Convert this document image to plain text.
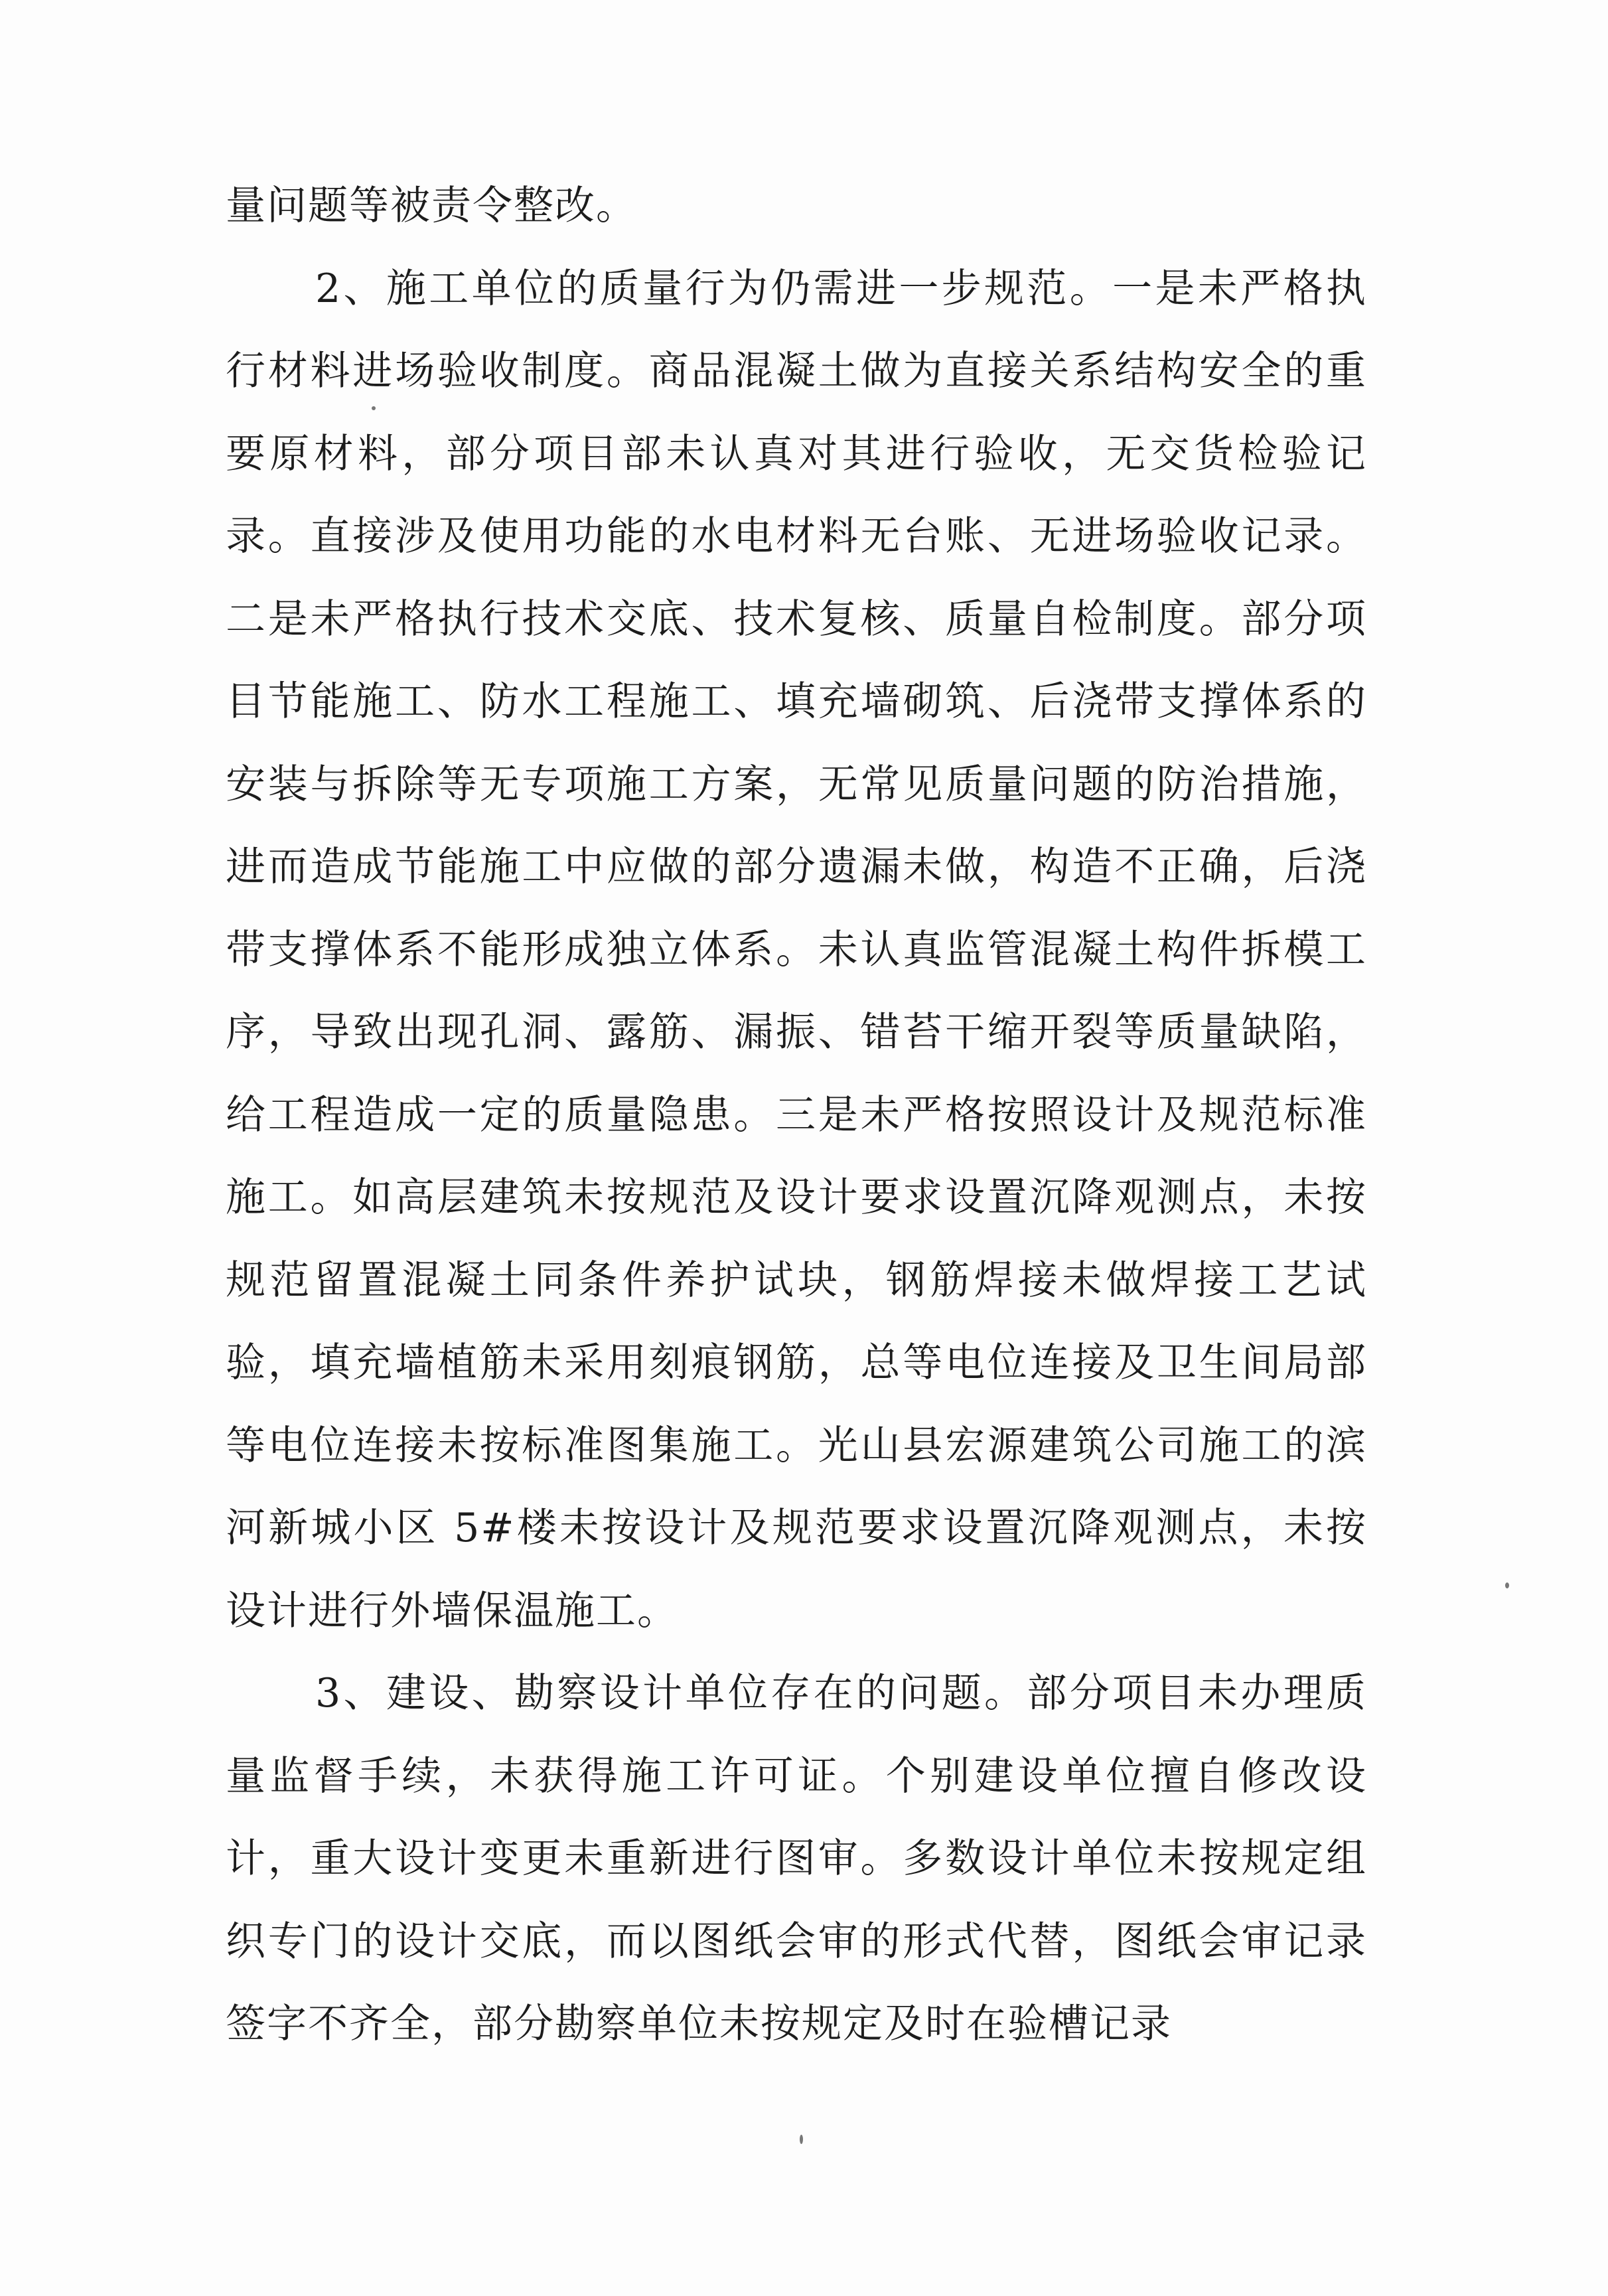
量问题等被责令整改。

2、施工单位的质量行为仍需进一步规范。一是未严格执行材料进场验收制度。商品混凝土做为直接关系结构安全的重要原材料，部分项目部未认真对其进行验收，无交货检验记录。直接涉及使用功能的水电材料无台账、无进场验收记录。二是未严格执行技术交底、技术复核、质量自检制度。部分项目节能施工、防水工程施工、填充墙砌筑、后浇带支撑体系的安装与拆除等无专项施工方案，无常见质量问题的防治措施，进而造成节能施工中应做的部分遗漏未做，构造不正确，后浇带支撑体系不能形成独立体系。未认真监管混凝土构件拆模工序，导致出现孔洞、露筋、漏振、错苔干缩开裂等质量缺陷，给工程造成一定的质量隐患。三是未严格按照设计及规范标准施工。如高层建筑未按规范及设计要求设置沉降观测点，未按规范留置混凝土同条件养护试块，钢筋焊接未做焊接工艺试验，填充墙植筋未采用刻痕钢筋，总等电位连接及卫生间局部等电位连接未按标准图集施工。光山县宏源建筑公司施工的滨河新城小区 5#楼未按设计及规范要求设置沉降观测点，未按设计进行外墙保温施工。

3、建设、勘察设计单位存在的问题。部分项目未办理质量监督手续，未获得施工许可证。个别建设单位擅自修改设计，重大设计变更未重新进行图审。多数设计单位未按规定组织专门的设计交底，而以图纸会审的形式代替，图纸会审记录签字不齐全，部分勘察单位未按规定及时在验槽记录
